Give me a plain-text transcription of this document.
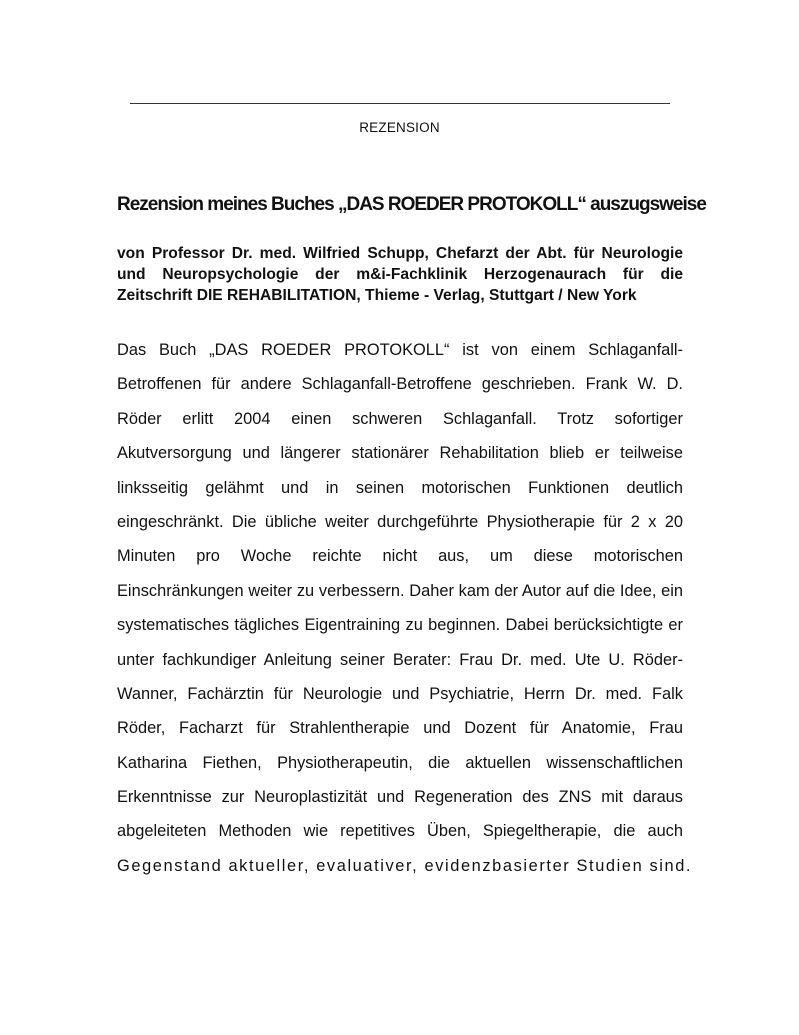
REZENSION
Rezension meines Buches „DAS ROEDER PROTOKOLL“ auszugsweise
von Professor Dr. med. Wilfried Schupp, Chefarzt der Abt. für Neurologie
und Neuropsychologie der m&i-Fachklinik Herzogenaurach für die
Zeitschrift DIE REHABILITATION, Thieme - Verlag, Stuttgart / New York
Das Buch „DAS ROEDER PROTOKOLL“ ist von einem Schlaganfall-
Betroffenen für andere Schlaganfall-Betroffene geschrieben. Frank W. D.
Röder erlitt 2004 einen schweren Schlaganfall. Trotz sofortiger
Akutversorgung und längerer stationärer Rehabilitation blieb er teilweise
linksseitig gelähmt und in seinen motorischen Funktionen deutlich
eingeschränkt. Die übliche weiter durchgeführte Physiotherapie für 2 x 20
Minuten pro Woche reichte nicht aus, um diese motorischen
Einschränkungen weiter zu verbessern. Daher kam der Autor auf die Idee, ein
systematisches tägliches Eigentraining zu beginnen. Dabei berücksichtigte er
unter fachkundiger Anleitung seiner Berater: Frau Dr. med. Ute U. Röder-
Wanner, Fachärztin für Neurologie und Psychiatrie, Herrn Dr. med. Falk
Röder, Facharzt für Strahlentherapie und Dozent für Anatomie, Frau
Katharina Fiethen, Physiotherapeutin, die aktuellen wissenschaftlichen
Erkenntnisse zur Neuroplastizität und Regeneration des ZNS mit daraus
abgeleiteten Methoden wie repetitives Üben, Spiegeltherapie, die auch
Gegenstand aktueller, evaluativer, evidenzbasierter Studien sind.
